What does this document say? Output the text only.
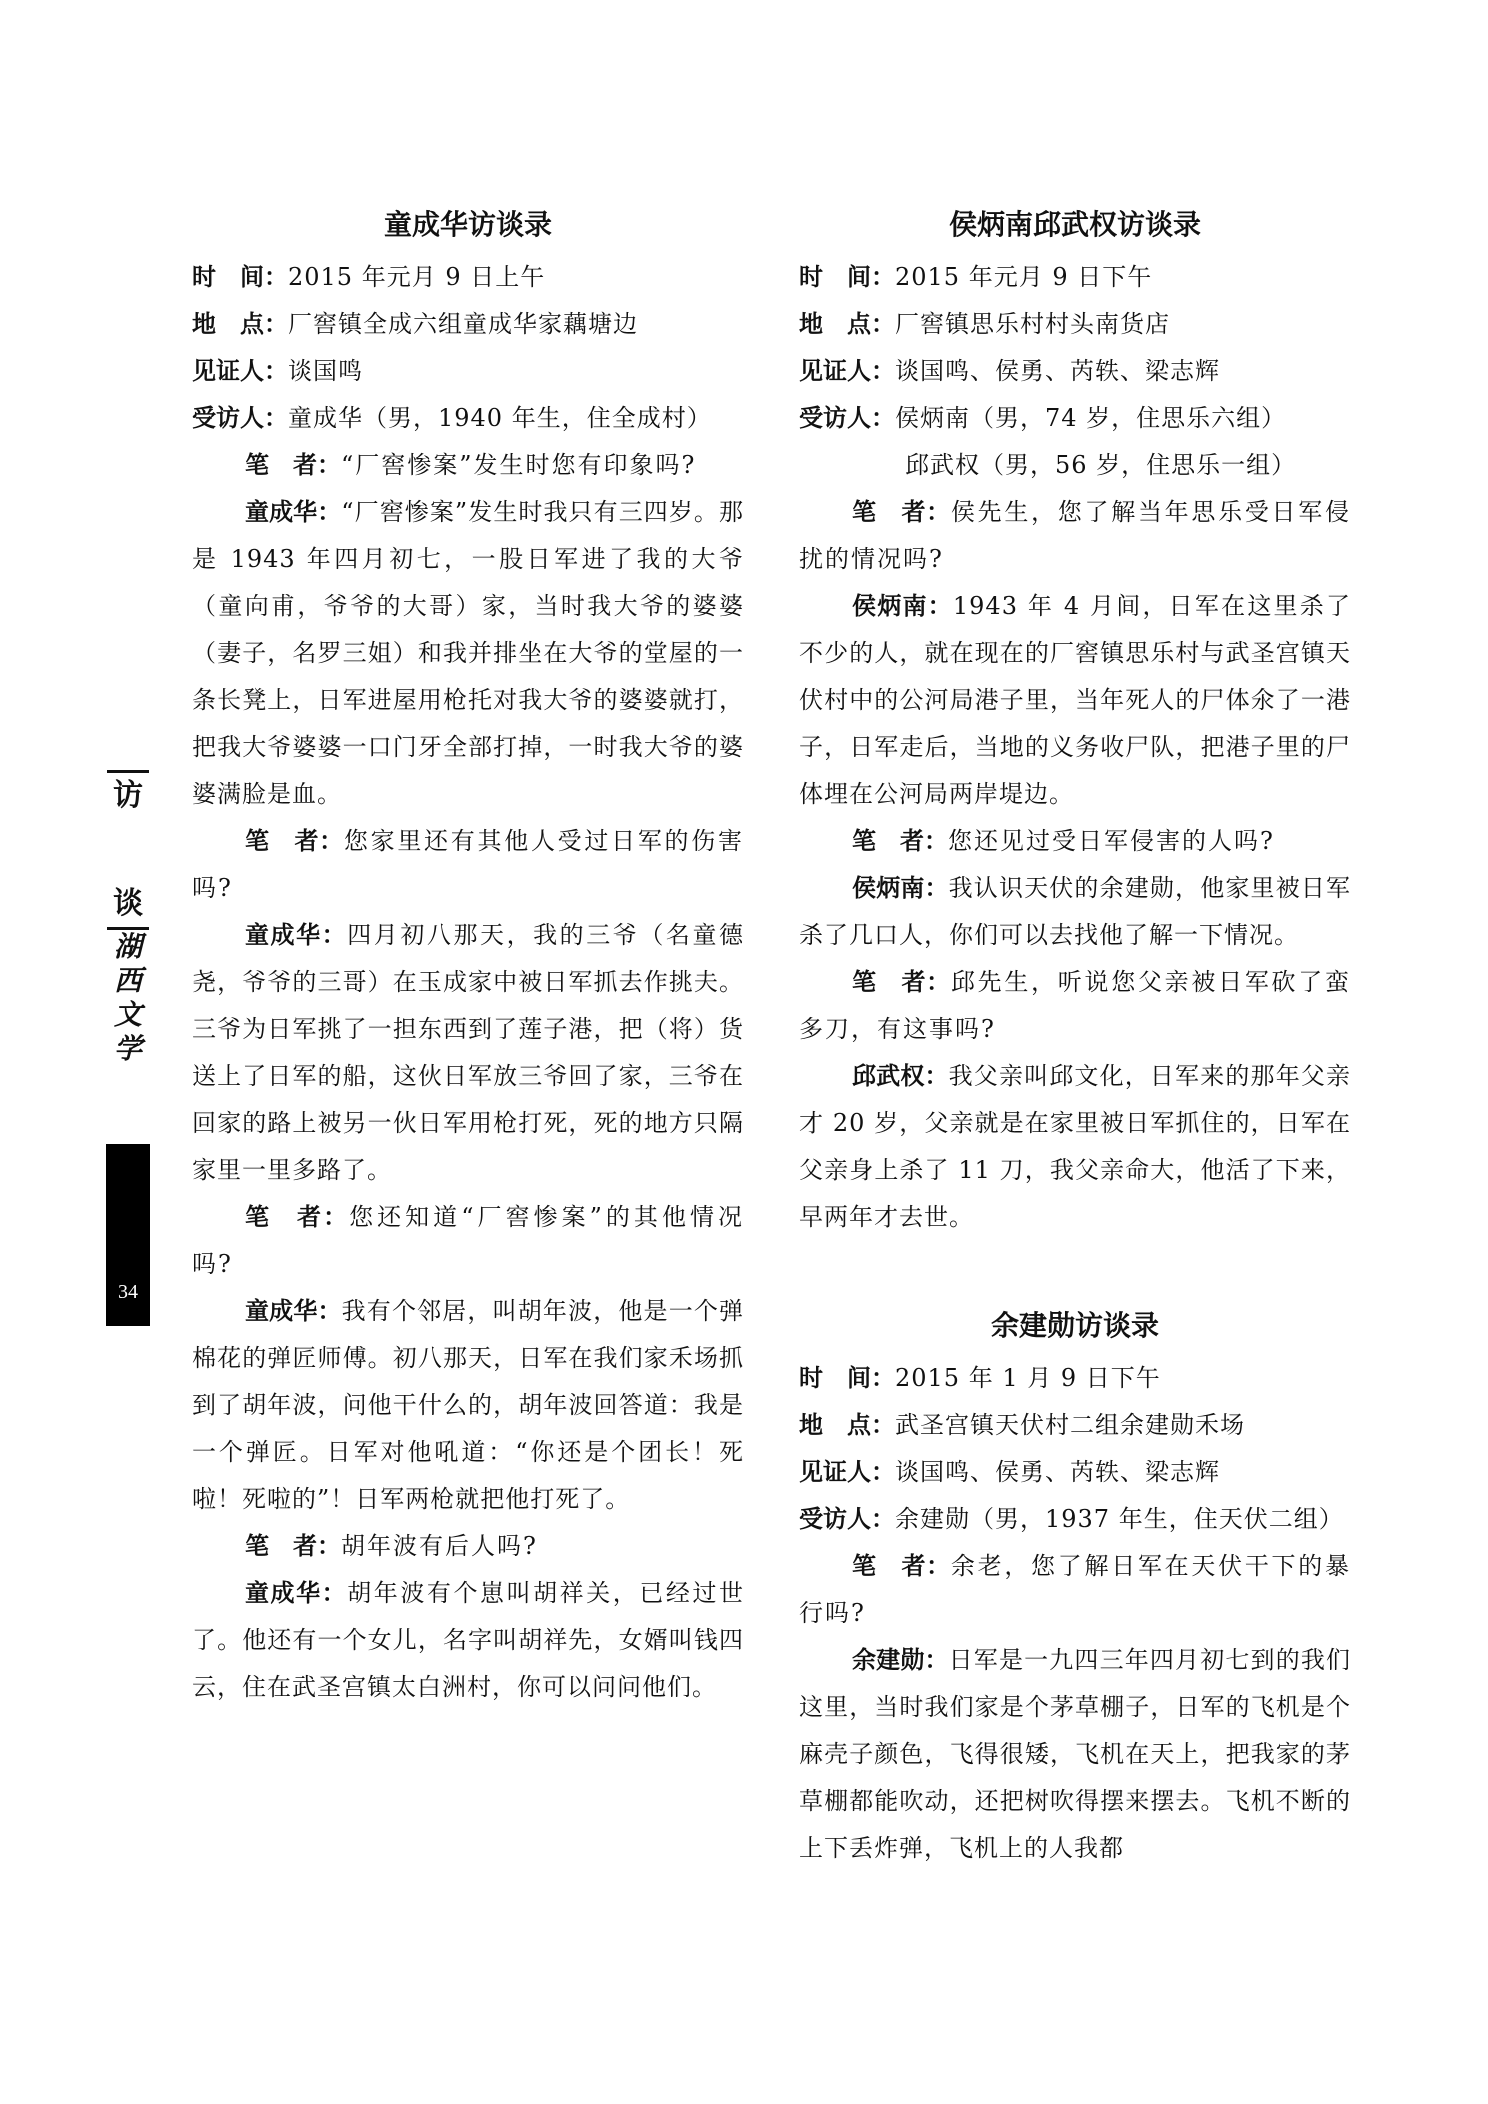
访
谈
湖
西
文
学
34
童成华访谈录
时　间：2015 年元月 9 日上午
地　点：厂窖镇全成六组童成华家藕塘边
见证人：谈国鸣
受访人：童成华（男，1940 年生，住全成村）

笔　者：“厂窖惨案”发生时您有印象吗?

童成华：“厂窖惨案”发生时我只有三四岁。那是 1943 年四月初七，一股日军进了我的大爷（童向甫，爷爷的大哥）家，当时我大爷的婆婆（妻子，名罗三姐）和我并排坐在大爷的堂屋的一条长凳上，日军进屋用枪托对我大爷的婆婆就打，把我大爷婆婆一口门牙全部打掉，一时我大爷的婆婆满脸是血。

笔　者：您家里还有其他人受过日军的伤害吗?

童成华：四月初八那天，我的三爷（名童德尧，爷爷的三哥）在玉成家中被日军抓去作挑夫。三爷为日军挑了一担东西到了莲子港，把（将）货送上了日军的船，这伙日军放三爷回了家，三爷在回家的路上被另一伙日军用枪打死，死的地方只隔家里一里多路了。

笔　者：您还知道“厂窖惨案”的其他情况吗?

童成华：我有个邻居，叫胡年波，他是一个弹棉花的弹匠师傅。初八那天，日军在我们家禾场抓到了胡年波，问他干什么的，胡年波回答道：我是一个弹匠。日军对他吼道：“你还是个团长！死啦！死啦的”！日军两枪就把他打死了。

笔　者：胡年波有后人吗?

童成华：胡年波有个崽叫胡祥关，已经过世了。他还有一个女儿，名字叫胡祥先，女婿叫钱四云，住在武圣宫镇太白洲村，你可以问问他们。

侯炳南邱武权访谈录
时　间：2015 年元月 9 日下午
地　点：厂窖镇思乐村村头南货店
见证人：谈国鸣、侯勇、芮轶、梁志辉
受访人：侯炳南（男，74 岁，住思乐六组）
邱武权（男，56 岁，住思乐一组）

笔　者：侯先生，您了解当年思乐受日军侵扰的情况吗?

侯炳南：1943 年 4 月间，日军在这里杀了不少的人，就在现在的厂窖镇思乐村与武圣宫镇天伏村中的公河局港子里，当年死人的尸体氽了一港子，日军走后，当地的义务收尸队，把港子里的尸体埋在公河局两岸堤边。

笔　者：您还见过受日军侵害的人吗?

侯炳南：我认识天伏的余建勋，他家里被日军杀了几口人，你们可以去找他了解一下情况。

笔　者：邱先生，听说您父亲被日军砍了蛮多刀，有这事吗?

邱武权：我父亲叫邱文化，日军来的那年父亲才 20 岁，父亲就是在家里被日军抓住的，日军在父亲身上杀了 11 刀，我父亲命大，他活了下来，早两年才去世。

余建勋访谈录
时　间：2015 年 1 月 9 日下午
地　点：武圣宫镇天伏村二组余建勋禾场
见证人：谈国鸣、侯勇、芮轶、梁志辉
受访人：余建勋（男，1937 年生，住天伏二组）

笔　者：余老，您了解日军在天伏干下的暴行吗?

余建勋：日军是一九四三年四月初七到的我们这里，当时我们家是个茅草棚子，日军的飞机是个麻壳子颜色，飞得很矮，飞机在天上，把我家的茅草棚都能吹动，还把树吹得摆来摆去。飞机不断的上下丢炸弹，飞机上的人我都
